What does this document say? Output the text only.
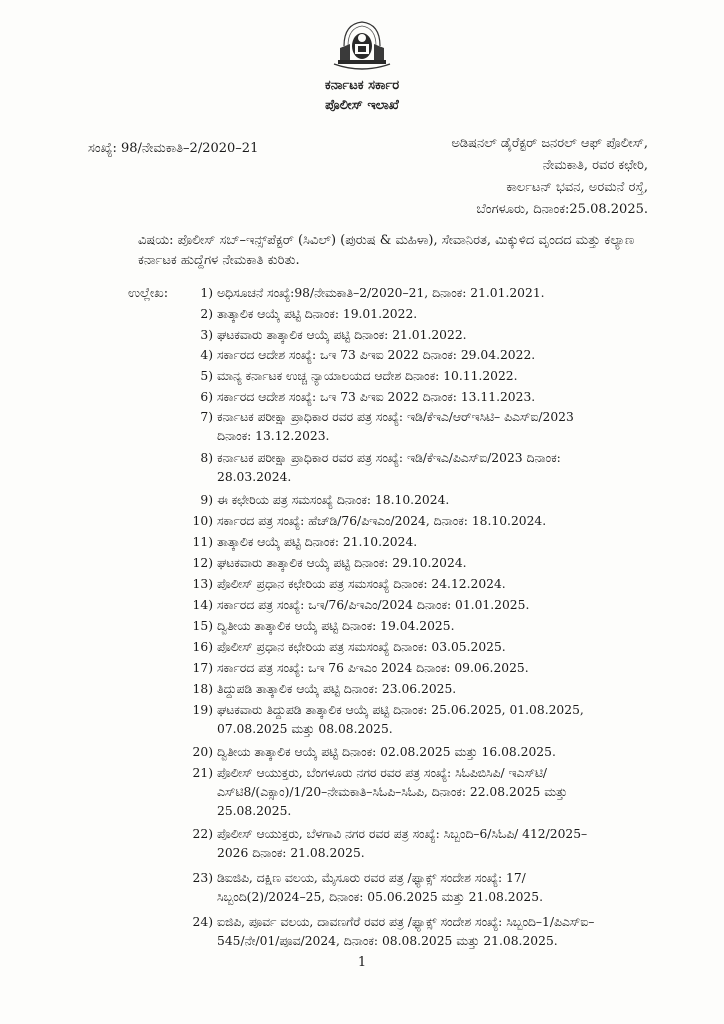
ಕರ್ನಾಟಕ ಸರ್ಕಾರ
ಪೊಲೀಸ್ ಇಲಾಖೆ
ಸಂಖ್ಯೆ: 98/ನೇಮಕಾತಿ–2/2020–21	ಅಡಿಷನಲ್ ಡೈರೆಕ್ಟರ್ ಜನರಲ್ ಆಫ್ ಪೊಲೀಸ್,
ನೇಮಕಾತಿ, ರವರ ಕಛೇರಿ,
ಕಾರ್ಲಟನ್ ಭವನ, ಅರಮನೆ ರಸ್ತೆ,
ಬೆಂಗಳೂರು, ದಿನಾಂಕ:25.08.2025.
ವಿಷಯ: ಪೊಲೀಸ್ ಸಬ್–ಇನ್ಸ್‌ಪೆಕ್ಟರ್ (ಸಿವಿಲ್) (ಪುರುಷ & ಮಹಿಳಾ), ಸೇವಾನಿರತ, ಮಿಕ್ಕುಳಿದ ವೃಂದದ ಮತ್ತು ಕಲ್ಯಾಣ ಕರ್ನಾಟಕ ಹುದ್ದೆಗಳ ನೇಮಕಾತಿ ಕುರಿತು.
ಉಲ್ಲೇಖ:	1) ಅಧಿಸೂಚನೆ ಸಂಖ್ಯೆ:98/ನೇಮಕಾತಿ–2/2020–21, ದಿನಾಂಕ: 21.01.2021.
2) ತಾತ್ಕಾಲಿಕ ಆಯ್ಕೆ ಪಟ್ಟಿ ದಿನಾಂಕ: 19.01.2022.
3) ಘಟಕವಾರು ತಾತ್ಕಾಲಿಕ ಆಯ್ಕೆ ಪಟ್ಟಿ ದಿನಾಂಕ: 21.01.2022.
4) ಸರ್ಕಾರದ ಆದೇಶ ಸಂಖ್ಯೆ: ಒಇ 73 ಪಿಇಐ 2022 ದಿನಾಂಕ: 29.04.2022.
5) ಮಾನ್ಯ ಕರ್ನಾಟಕ ಉಚ್ಚ ನ್ಯಾಯಾಲಯದ ಆದೇಶ ದಿನಾಂಕ: 10.11.2022.
6) ಸರ್ಕಾರದ ಆದೇಶ ಸಂಖ್ಯೆ: ಒಇ 73 ಪಿಇಐ 2022 ದಿನಾಂಕ: 13.11.2023.
7) ಕರ್ನಾಟಕ ಪರೀಕ್ಷಾ ಪ್ರಾಧಿಕಾರ ರವರ ಪತ್ರ ಸಂಖ್ಯೆ: ಇಡಿ/ಕೆಇಎ/ಆರ್‌ಇಸಿಟಿ– ಪಿಎಸ್‌ಐ/2023 ದಿನಾಂಕ: 13.12.2023.
8) ಕರ್ನಾಟಕ ಪರೀಕ್ಷಾ ಪ್ರಾಧಿಕಾರ ರವರ ಪತ್ರ ಸಂಖ್ಯೆ: ಇಡಿ/ಕೆಇಎ/ಪಿಎಸ್‌ಐ/2023 ದಿನಾಂಕ: 28.03.2024.
9) ಈ ಕಛೇರಿಯ ಪತ್ರ ಸಮಸಂಖ್ಯೆ ದಿನಾಂಕ: 18.10.2024.
10) ಸರ್ಕಾರದ ಪತ್ರ ಸಂಖ್ಯೆ: ಹೆಚ್‌ಡಿ/76/ಪಿಇಎಂ/2024, ದಿನಾಂಕ: 18.10.2024.
11) ತಾತ್ಕಾಲಿಕ ಆಯ್ಕೆ ಪಟ್ಟಿ ದಿನಾಂಕ: 21.10.2024.
12) ಘಟಕವಾರು ತಾತ್ಕಾಲಿಕ ಆಯ್ಕೆ ಪಟ್ಟಿ ದಿನಾಂಕ: 29.10.2024.
13) ಪೊಲೀಸ್ ಪ್ರಧಾನ ಕಛೇರಿಯ ಪತ್ರ ಸಮಸಂಖ್ಯೆ ದಿನಾಂಕ: 24.12.2024.
14) ಸರ್ಕಾರದ ಪತ್ರ ಸಂಖ್ಯೆ: ಒಇ/76/ಪಿಇಎಂ/2024 ದಿನಾಂಕ: 01.01.2025.
15) ದ್ವಿತೀಯ ತಾತ್ಕಾಲಿಕ ಆಯ್ಕೆ ಪಟ್ಟಿ ದಿನಾಂಕ: 19.04.2025.
16) ಪೊಲೀಸ್ ಪ್ರಧಾನ ಕಛೇರಿಯ ಪತ್ರ ಸಮಸಂಖ್ಯೆ ದಿನಾಂಕ: 03.05.2025.
17) ಸರ್ಕಾರದ ಪತ್ರ ಸಂಖ್ಯೆ: ಒಇ 76 ಪಿಇಎಂ 2024 ದಿನಾಂಕ: 09.06.2025.
18) ತಿದ್ದುಪಡಿ ತಾತ್ಕಾಲಿಕ ಆಯ್ಕೆ ಪಟ್ಟಿ ದಿನಾಂಕ: 23.06.2025.
19) ಘಟಕವಾರು ತಿದ್ದುಪಡಿ ತಾತ್ಕಾಲಿಕ ಆಯ್ಕೆ ಪಟ್ಟಿ ದಿನಾಂಕ: 25.06.2025, 01.08.2025, 07.08.2025 ಮತ್ತು 08.08.2025.
20) ದ್ವಿತೀಯ ತಾತ್ಕಾಲಿಕ ಆಯ್ಕೆ ಪಟ್ಟಿ ದಿನಾಂಕ: 02.08.2025 ಮತ್ತು 16.08.2025.
21) ಪೊಲೀಸ್ ಆಯುಕ್ತರು, ಬೆಂಗಳೂರು ನಗರ ರವರ ಪತ್ರ ಸಂಖ್ಯೆ: ಸಿಓಪಿಬಿಸಿಪಿ/ ಇಎಸ್‌ಟಿ/ಎಸ್‌ಟಿ8/(ಎಕ್ಸಾಂ)/1/20–ನೇಮಕಾತಿ–ಸಿಓಪಿ–ಸಿಓಪಿ, ದಿನಾಂಕ: 22.08.2025 ಮತ್ತು 25.08.2025.
22) ಪೊಲೀಸ್ ಆಯುಕ್ತರು, ಬೆಳಗಾವಿ ನಗರ ರವರ ಪತ್ರ ಸಂಖ್ಯೆ: ಸಿಬ್ಬಂದಿ–6/ಸಿಓಪಿ/ 412/2025–2026 ದಿನಾಂಕ: 21.08.2025.
23) ಡಿಐಜಿಪಿ, ದಕ್ಷಿಣ ವಲಯ, ಮೈಸೂರು ರವರ ಪತ್ರ /ಫ್ಯಾಕ್ಸ್ ಸಂದೇಶ ಸಂಖ್ಯೆ: 17/ಸಿಬ್ಬಂದಿ(2)/2024–25, ದಿನಾಂಕ: 05.06.2025 ಮತ್ತು 21.08.2025.
24) ಐಜಿಪಿ, ಪೂರ್ವ ವಲಯ, ದಾವಣಗೆರೆ ರವರ ಪತ್ರ /ಫ್ಯಾಕ್ಸ್ ಸಂದೇಶ ಸಂಖ್ಯೆ: ಸಿಬ್ಬಂದಿ–1/ಪಿಎಸ್‌ಐ–545/ನೇ/01/ಪೂವ/2024, ದಿನಾಂಕ: 08.08.2025 ಮತ್ತು 21.08.2025.
1
